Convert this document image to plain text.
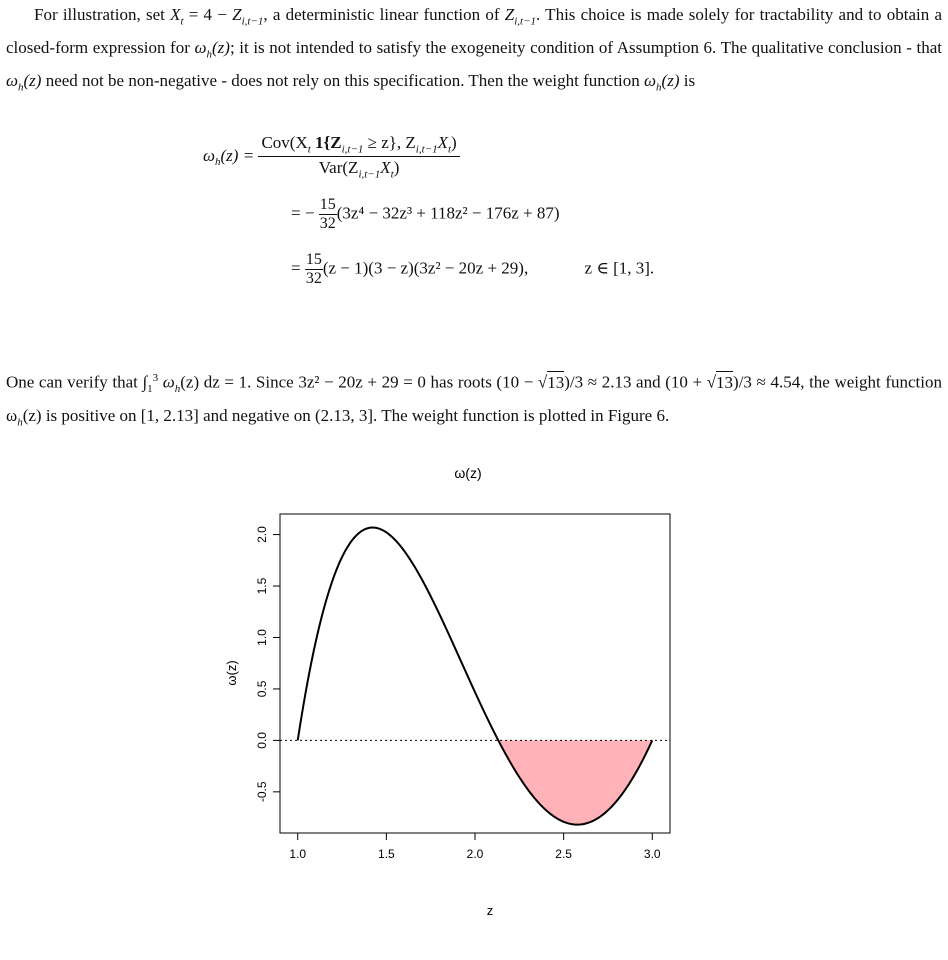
For illustration, set $X_t = 4 - Z_{i,t-1}$, a deterministic linear function of $Z_{i,t-1}$. This choice is made solely for tractability and to obtain a closed-form expression for $\omega_h(z)$; it is not intended to satisfy the exogeneity condition of Assumption 6. The qualitative conclusion - that $\omega_h(z)$ need not be non-negative - does not rely on this specification. Then the weight function $\omega_h(z)$ is

$\omega_h(z) = \frac{Cov(X_t 1\{Z_{i,t-1} \ge z\}, Z_{i,t-1}X_t)}{Var(Z_{i,t-1}X_t)}$
= − $\frac{15}{32} (3z^4 - 32z^3 + 118z^2 - 176z + 87)$
= $\frac{15}{32} (z - 1)(3 - z)(3z^2 - 20z + 29)$,	z ∈ [1, 3].

One can verify that $\int_1^3$ $\omega_h(z)$ dz = 1. Since 3z² − 20z + 29 = 0 has roots (10 − √13)/3 ≈ 2.13 and (10 + √13)/3 ≈ 4.54, the weight function $\omega_h(z)$ is positive on [1, 2.13] and negative on (2.13, 3]. The weight function is plotted in Figure 6.

ω(z)
1.0	1.5	2.0	2.5	3.0
-0.5
0.0
0.5
1.0
1.5
2.0
z
ω(z)
